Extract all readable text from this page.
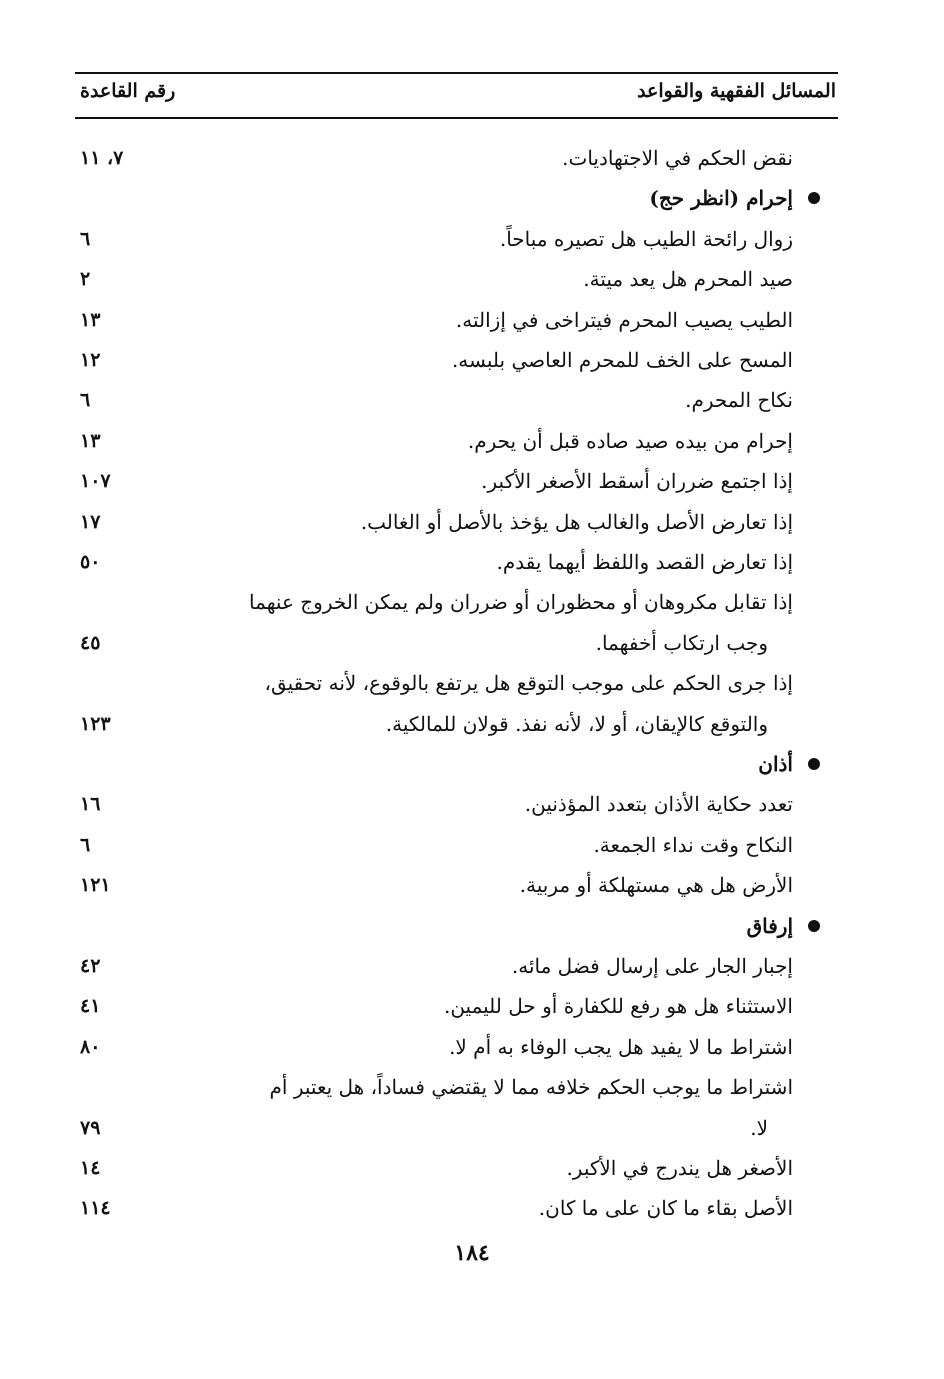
المسائل الفقهية والقواعد
رقم القاعدة
نقض الحكم في الاجتهاديات.
٧، ١١
إحرام (انظر حج)
زوال رائحة الطيب هل تصيره مباحاً.
٦
صيد المحرم هل يعد ميتة.
٢
الطيب يصيب المحرم فيتراخى في إزالته.
١٣
المسح على الخف للمحرم العاصي بلبسه.
١٢
نكاح المحرم.
٦
إحرام من بيده صيد صاده قبل أن يحرم.
١٣
إذا اجتمع ضرران أسقط الأصغر الأكبر.
١٠٧
إذا تعارض الأصل والغالب هل يؤخذ بالأصل أو الغالب.
١٧
إذا تعارض القصد واللفظ أيهما يقدم.
٥٠
إذا تقابل مكروهان أو محظوران أو ضرران ولم يمكن الخروج عنهما
وجب ارتكاب أخفهما.
٤٥
إذا جرى الحكم على موجب التوقع هل يرتفع بالوقوع، لأنه تحقيق،
والتوقع كالإيقان، أو لا، لأنه نفذ. قولان للمالكية.
١٢٣
أذان
تعدد حكاية الأذان بتعدد المؤذنين.
١٦
النكاح وقت نداء الجمعة.
٦
الأرض هل هي مستهلكة أو مربية.
١٢١
إرفاق
إجبار الجار على إرسال فضل مائه.
٤٢
الاستثناء هل هو رفع للكفارة أو حل لليمين.
٤١
اشتراط ما لا يفيد هل يجب الوفاء به أم لا.
٨٠
اشتراط ما يوجب الحكم خلافه مما لا يقتضي فساداً، هل يعتبر أم
لا.
٧٩
الأصغر هل يندرج في الأكبر.
١٤
الأصل بقاء ما كان على ما كان.
١١٤
١٨٤
